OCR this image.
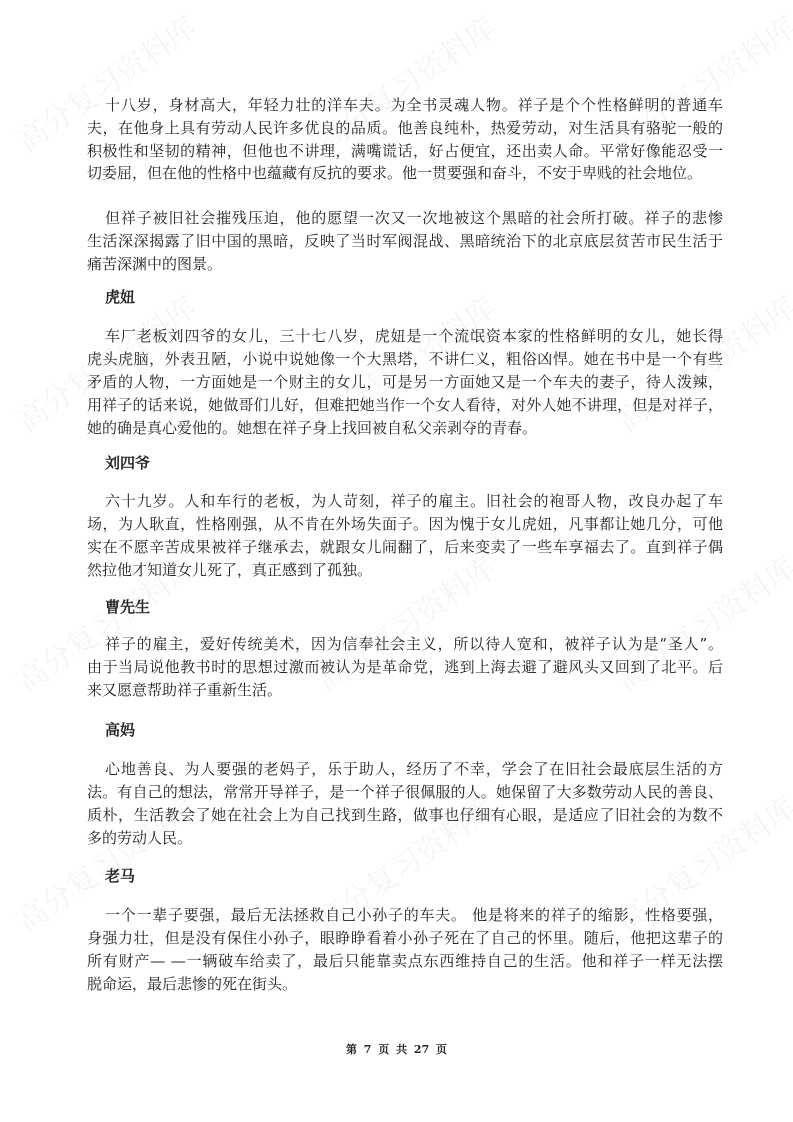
十八岁，身材高大，年轻力壮的洋车夫。为全书灵魂人物。祥子是个个性格鲜明的普通车
夫，在他身上具有劳动人民许多优良的品质。他善良纯朴，热爱劳动，对生活具有骆驼一般的
积极性和坚韧的精神，但他也不讲理，满嘴谎话，好占便宜，还出卖人命。平常好像能忍受一
切委屈，但在他的性格中也蕴藏有反抗的要求。他一贯要强和奋斗，不安于卑贱的社会地位。
但祥子被旧社会摧残压迫，他的愿望一次又一次地被这个黑暗的社会所打破。祥子的悲惨
生活深深揭露了旧中国的黑暗，反映了当时军阀混战、黑暗统治下的北京底层贫苦市民生活于
痛苦深渊中的图景。
虎妞
车厂老板刘四爷的女儿，三十七八岁，虎妞是一个流氓资本家的性格鲜明的女儿，她长得
虎头虎脑，外表丑陋，小说中说她像一个大黑塔，不讲仁义，粗俗凶悍。她在书中是一个有些
矛盾的人物，一方面她是一个财主的女儿，可是另一方面她又是一个车夫的妻子，待人泼辣，
用祥子的话来说，她做哥们儿好，但难把她当作一个女人看待，对外人她不讲理，但是对祥子，
她的确是真心爱他的。她想在祥子身上找回被自私父亲剥夺的青春。
刘四爷
六十九岁。人和车行的老板，为人苛刻，祥子的雇主。旧社会的袍哥人物，改良办起了车
场，为人耿直，性格刚强，从不肯在外场失面子。因为愧于女儿虎妞，凡事都让她几分，可他
实在不愿辛苦成果被祥子继承去，就跟女儿闹翻了，后来变卖了一些车享福去了。直到祥子偶
然拉他才知道女儿死了，真正感到了孤独。
曹先生
祥子的雇主，爱好传统美术，因为信奉社会主义，所以待人宽和，被祥子认为是“圣人”。
由于当局说他教书时的思想过激而被认为是革命党，逃到上海去避了避风头又回到了北平。后
来又愿意帮助祥子重新生活。
高妈
心地善良、为人要强的老妈子，乐于助人，经历了不幸，学会了在旧社会最底层生活的方
法。有自己的想法，常常开导祥子，是一个祥子很佩服的人。她保留了大多数劳动人民的善良、
质朴，生活教会了她在社会上为自己找到生路，做事也仔细有心眼，是适应了旧社会的为数不
多的劳动人民。
老马
一个一辈子要强，最后无法拯救自己小孙子的车夫。 他是将来的祥子的缩影，性格要强，
身强力壮，但是没有保住小孙子，眼睁睁看着小孙子死在了自己的怀里。随后，他把这辈子的
所有财产— —一辆破车给卖了，最后只能靠卖点东西维持自己的生活。他和祥子一样无法摆
脱命运，最后悲惨的死在街头。
第 7 页 共 27 页
